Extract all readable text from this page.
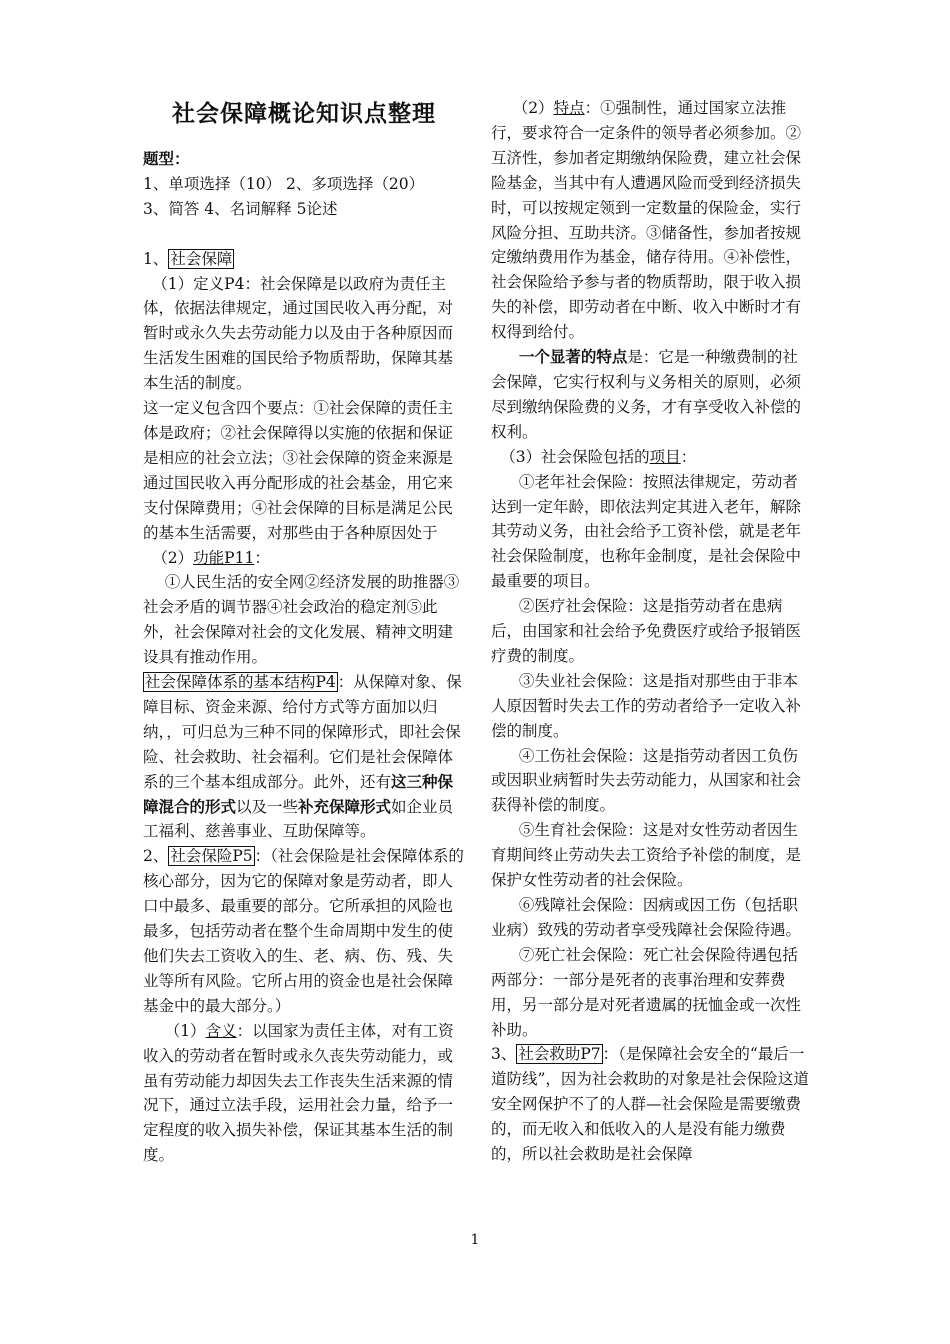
社会保障概论知识点整理

题型：1、单项选择（10） 2、多项选择（20）

3、简答 4、名词解释 5论述

1、 社会保障

（1）定义P4：社会保障是以政府为责任主体，依据法律规定，通过国民收入再分配，对暂时或永久失去劳动能力以及由于各种原因而生活发生困难的国民给予物质帮助，保障其基本生活的制度。

这一定义包含四个要点：①社会保障的责任主体是政府；②社会保障得以实施的依据和保证是相应的社会立法；③社会保障的资金来源是通过国民收入再分配形成的社会基金，用它来支付保障费用；④社会保障的目标是满足公民的基本生活需要，对那些由于各种原因处于

（2）功能P11：

①人民生活的安全网②经济发展的助推器③社会矛盾的调节器④社会政治的稳定剂⑤此外，社会保障对社会的文化发展、精神文明建设具有推动作用。

社会保障体系的基本结构P4 ：从保障对象、保障目标、资金来源、给付方式等方面加以归纳，，可归总为三种不同的保障形式，即社会保险、社会救助、社会福利。它们是社会保障体系的三个基本组成部分。此外，还有这三种保障混合的形式以及一些补充保障形式如企业员工福利、慈善事业、互助保障等。

2、 社会保险P5 ：（社会保险是社会保障体系的核心部分，因为它的保障对象是劳动者，即人口中最多、最重要的部分。它所承担的风险也最多，包括劳动者在整个生命周期中发生的使他们失去工资收入的生、老、病、伤、残、失业等所有风险。它所占用的资金也是社会保障基金中的最大部分。）

（1）含义：以国家为责任主体，对有工资收入的劳动者在暂时或永久丧失劳动能力，或虽有劳动能力却因失去工作丧失生活来源的情况下，通过立法手段，运用社会力量，给予一定程度的收入损失补偿，保证其基本生活的制度。

（2）特点：①强制性，通过国家立法推行，要求符合一定条件的领导者必须参加。②互济性，参加者定期缴纳保险费，建立社会保险基金，当其中有人遭遇风险而受到经济损失时，可以按规定领到一定数量的保险金，实行风险分担、互助共济。③储备性，参加者按规定缴纳费用作为基金，储存待用。④补偿性，社会保险给予参与者的物质帮助，限于收入损失的补偿，即劳动者在中断、收入中断时才有权得到给付。

一个显著的特点是：它是一种缴费制的社会保障，它实行权利与义务相关的原则，必须尽到缴纳保险费的义务，才有享受收入补偿的权利。

（3）社会保险包括的项目：

①老年社会保险：按照法律规定，劳动者达到一定年龄，即依法判定其进入老年，解除其劳动义务，由社会给予工资补偿，就是老年社会保险制度，也称年金制度，是社会保险中最重要的项目。

②医疗社会保险：这是指劳动者在患病后，由国家和社会给予免费医疗或给予报销医疗费的制度。

③失业社会保险：这是指对那些由于非本人原因暂时失去工作的劳动者给予一定收入补偿的制度。

④工伤社会保险：这是指劳动者因工负伤或因职业病暂时失去劳动能力，从国家和社会获得补偿的制度。

⑤生育社会保险：这是对女性劳动者因生育期间终止劳动失去工资给予补偿的制度，是保护女性劳动者的社会保险。

⑥残障社会保险：因病或因工伤（包括职业病）致残的劳动者享受残障社会保险待遇。

⑦死亡社会保险：死亡社会保险待遇包括两部分：一部分是死者的丧事治理和安葬费用，另一部分是对死者遗属的抚恤金或一次性补助。

3、 社会救助P7 ：（是保障社会安全的“最后一道防线”，因为社会救助的对象是社会保险这道安全网保护不了的人群—社会保险是需要缴费的，而无收入和低收入的人是没有能力缴费的，所以社会救助是社会保障

1
